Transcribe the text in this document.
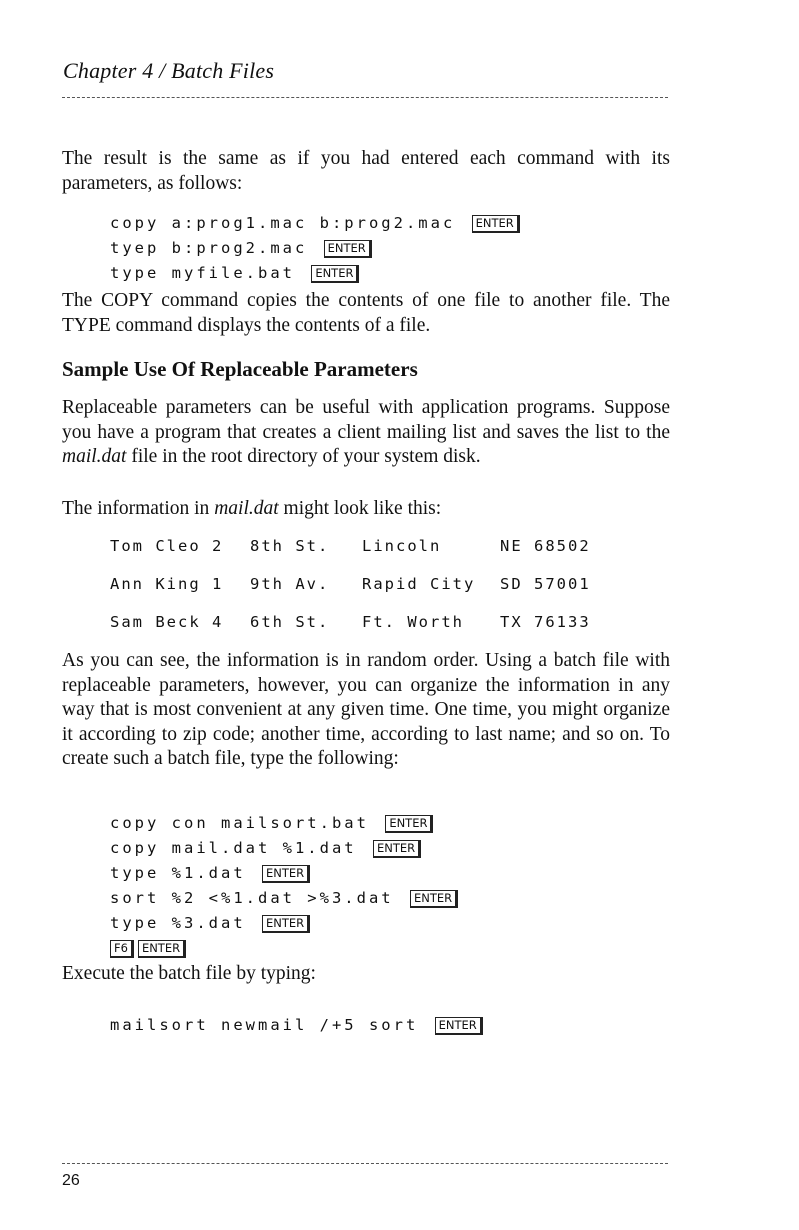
Chapter 4 / Batch Files

The result is the same as if you had entered each command with its parameters, as follows:

copy a:prog1.mac b:prog2.mac ENTER
tyep b:prog2.mac ENTER
type myfile.bat ENTER

The COPY command copies the contents of one file to another file. The TYPE command displays the contents of a file.

Sample Use Of Replaceable Parameters

Replaceable parameters can be useful with application programs. Suppose you have a program that creates a client mailing list and saves the list to the mail.dat file in the root directory of your system disk.

The information in mail.dat might look like this:

Tom Cleo 2

8th St.

Lincoln

	NE 68502

Ann King 1

9th Av.

Rapid City

SD 57001

Sam Beck 4

6th St.

Ft. Worth

TX 76133

As you can see, the information is in random order. Using a batch file with replaceable parameters, however, you can organize the information in any way that is most convenient at any given time. One time, you might organize it according to zip code; another time, according to last name; and so on. To create such a batch file, type the following:

copy con mailsort.bat ENTER
copy mail.dat %1.dat ENTER
type %1.dat ENTER
sort %2 <%1.dat >%3.dat ENTER
type %3.dat ENTER
F6 ENTER

Execute the batch file by typing:

mailsort newmail /+5 sort ENTER
26
